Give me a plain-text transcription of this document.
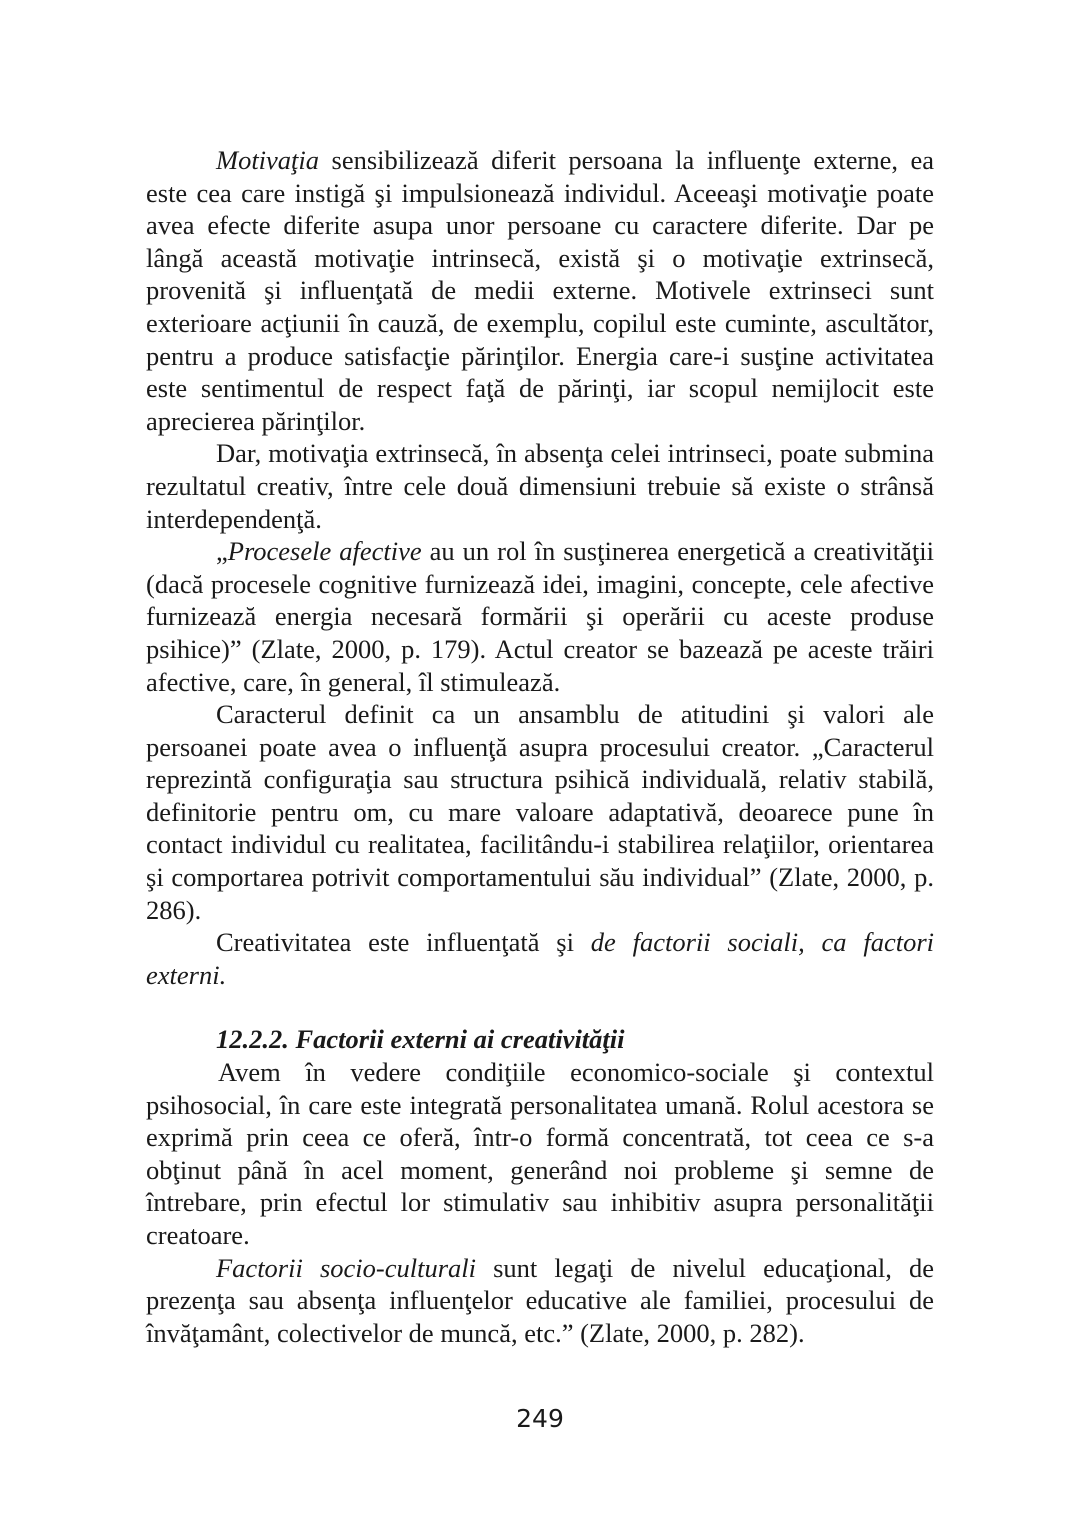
Motivaţia sensibilizează diferit persoana la influenţe externe, ea este cea care instigă şi impulsionează individul. Aceeaşi motivaţie poate avea efecte diferite asupa unor persoane cu caractere diferite. Dar pe lângă această motivaţie intrinsecă, există şi o motivaţie extrinsecă, provenită şi influenţată de medii externe. Motivele extrinseci sunt exterioare acţiunii în cauză, de exemplu, copilul este cuminte, ascultător, pentru a produce satisfacţie părinţilor. Energia care-i susţine activitatea este sentimentul de respect faţă de părinţi, iar scopul nemijlocit este aprecierea părinţilor.

Dar, motivaţia extrinsecă, în absenţa celei intrinseci, poate submina rezultatul creativ, între cele două dimensiuni trebuie să existe o strânsă interdependenţă.

„Procesele afective au un rol în susţinerea energetică a creativităţii (dacă procesele cognitive furnizează idei, imagini, concepte, cele afective furnizează energia necesară formării şi operării cu aceste produse psihice)” (Zlate, 2000, p. 179). Actul creator se bazează pe aceste trăiri afective, care, în general, îl stimulează.

Caracterul definit ca un ansamblu de atitudini şi valori ale persoanei poate avea o influenţă asupra procesului creator. „Caracterul reprezintă configuraţia sau structura psihică individuală, relativ stabilă, definitorie pentru om, cu mare valoare adaptativă, deoarece pune în contact individul cu realitatea, facilitându-i stabilirea relaţiilor, orientarea şi comportarea potrivit comportamentului său individual” (Zlate, 2000, p. 286).

Creativitatea este influenţată şi de factorii sociali, ca factori externi.

12.2.2. Factorii externi ai creativităţii

Avem în vedere condiţiile economico-sociale şi contextul psihosocial, în care este integrată personalitatea umană. Rolul acestora se exprimă prin ceea ce oferă, într-o formă concentrată, tot ceea ce s-a obţinut până în acel moment, generând noi probleme şi semne de întrebare, prin efectul lor stimulativ sau inhibitiv asupra personalităţii creatoare.

Factorii socio-culturali sunt legaţi de nivelul educaţional, de prezenţa sau absenţa influenţelor educative ale familiei, procesului de învăţamânt, colectivelor de muncă, etc.” (Zlate, 2000, p. 282).

249
